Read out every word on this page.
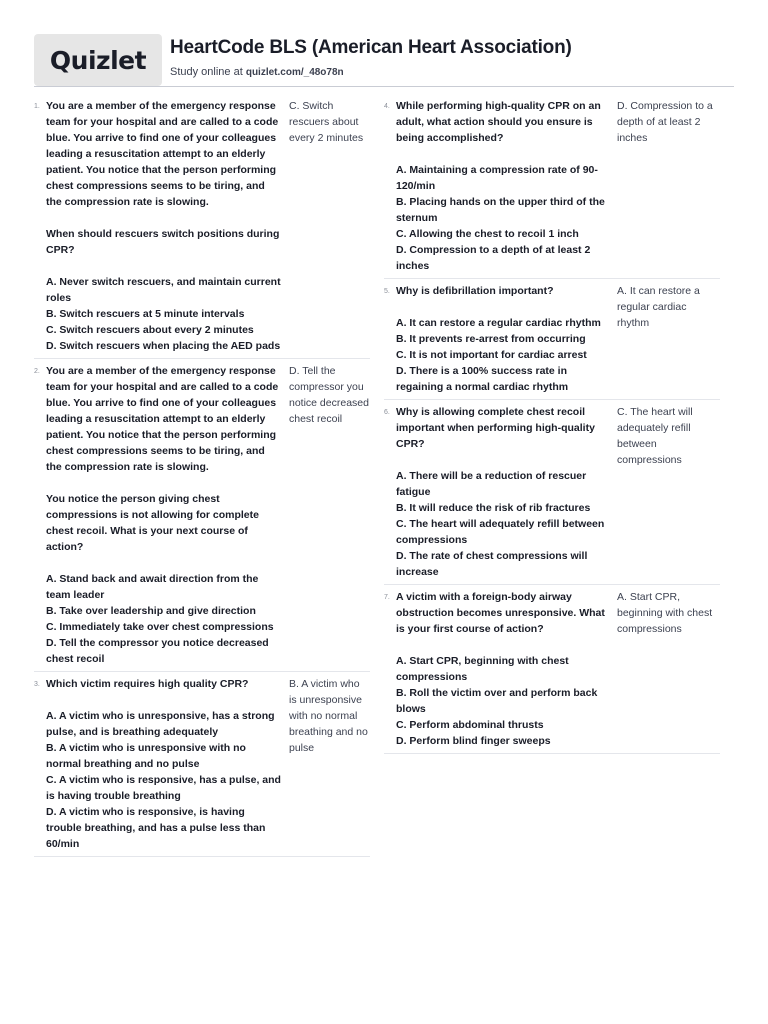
Quizlet	HeartCode BLS (American Heart Association)
Study online at quizlet.com/_48o78n
1. You are a member of the emergency response team for your hospital and are called to a code blue. You arrive to find one of your colleagues leading a resuscitation attempt to an elderly patient. You notice that the person performing chest compressions seems to be tiring, and the compression rate is slowing.

When should rescuers switch positions during CPR?

A. Never switch rescuers, and maintain current roles
B. Switch rescuers at 5 minute intervals
C. Switch rescuers about every 2 minutes
D. Switch rescuers when placing the AED pads

C. Switch rescuers about every 2 minutes
2. You are a member of the emergency response team for your hospital and are called to a code blue. You arrive to find one of your colleagues leading a resuscitation attempt to an elderly patient. You notice that the person performing chest compressions seems to be tiring, and the compression rate is slowing.

You notice the person giving chest compressions is not allowing for complete chest recoil. What is your next course of action?

A. Stand back and await direction from the team leader
B. Take over leadership and give direction
C. Immediately take over chest compressions
D. Tell the compressor you notice decreased chest recoil

D. Tell the compressor you notice decreased chest recoil
3. Which victim requires high quality CPR?

A. A victim who is unresponsive, has a strong pulse, and is breathing adequately
B. A victim who is unresponsive with no normal breathing and no pulse
C. A victim who is responsive, has a pulse, and is having trouble breathing
D. A victim who is responsive, is having trouble breathing, and has a pulse less than 60/min

B. A victim who is unresponsive with no normal breathing and no pulse
4. While performing high-quality CPR on an adult, what action should you ensure is being accomplished?

A. Maintaining a compression rate of 90-120/min
B. Placing hands on the upper third of the sternum
C. Allowing the chest to recoil 1 inch
D. Compression to a depth of at least 2 inches

D. Compression to a depth of at least 2 inches
5. Why is defibrillation important?

A. It can restore a regular cardiac rhythm
B. It prevents re-arrest from occurring
C. It is not important for cardiac arrest
D. There is a 100% success rate in regaining a normal cardiac rhythm

A. It can restore a regular cardiac rhythm
6. Why is allowing complete chest recoil important when performing high-quality CPR?

A. There will be a reduction of rescuer fatigue
B. It will reduce the risk of rib fractures
C. The heart will adequately refill between compressions
D. The rate of chest compressions will increase

C. The heart will adequately refill between compressions
7. A victim with a foreign-body airway obstruction becomes unresponsive. What is your first course of action?

A. Start CPR, beginning with chest compressions
B. Roll the victim over and perform back blows
C. Perform abdominal thrusts
D. Perform blind finger sweeps

A. Start CPR, beginning with chest compressions
